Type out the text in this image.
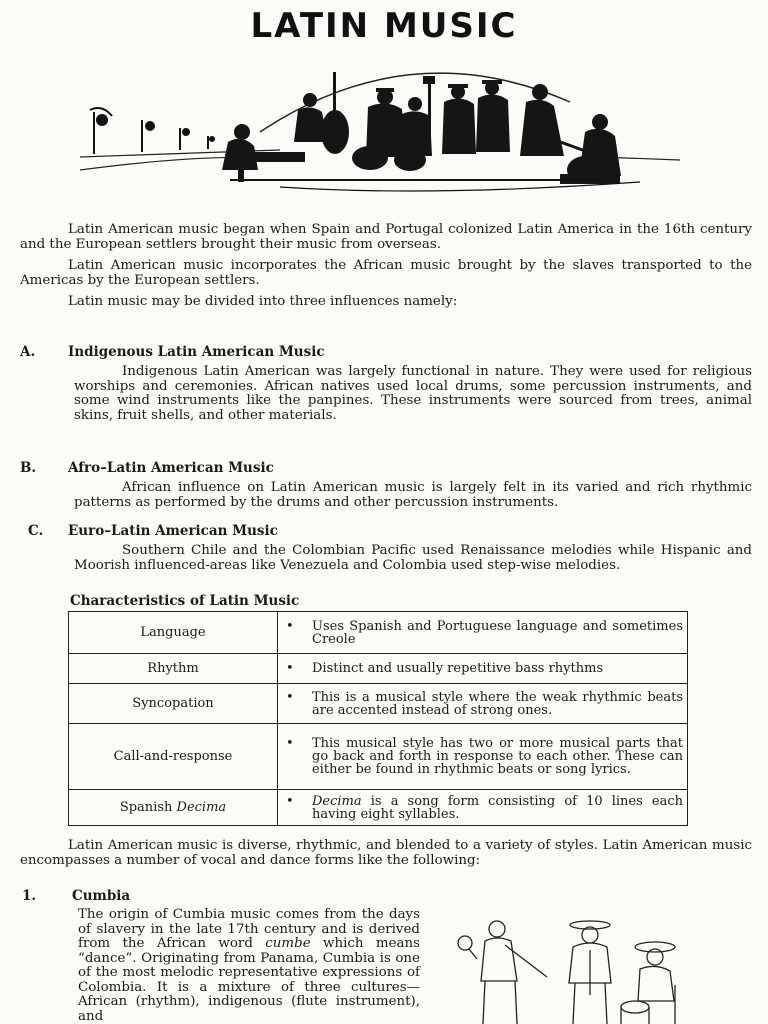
LATIN MUSIC

Latin American music began when Spain and Portugal colonized Latin America in the 16th century and the European settlers brought their music from overseas.

Latin American music incorporates the African music brought by the slaves transported to the Americas by the European settlers.

Latin music may be divided into three influences namely:

A. Indigenous Latin American Music

Indigenous Latin American was largely functional in nature. They were used for religious worships and ceremonies. African natives used local drums, some percussion instruments, and some wind instruments like the panpines. These instruments were sourced from trees, animal skins, fruit shells, and other materials.

B. Afro–Latin American Music

African influence on Latin American music is largely felt in its varied and rich rhythmic patterns as performed by the drums and other percussion instruments.

C. Euro–Latin American Music

Southern Chile and the Colombian Pacific used Renaissance melodies while Hispanic and Moorish influenced-areas like Venezuela and Colombia used step-wise melodies.

Characteristics of Latin Music
Language	• Uses Spanish and Portuguese language and sometimes Creole

Rhythm	• Distinct and usually repetitive bass rhythms

Syncopation	• This is a musical style where the weak rhythmic beats are accented instead of strong ones.

Call-and-response	• This musical style has two or more musical parts that go back and forth in response to each other. These can either be found in rhythmic beats or song lyrics.

Spanish Decima	• Decima is a song form consisting of 10 lines each having eight syllables.

Latin American music is diverse, rhythmic, and blended to a variety of styles. Latin American music encompasses a number of vocal and dance forms like the following:

1.	Cumbia

The origin of Cumbia music comes from the days of slavery in the late 17th century and is derived from the African word cumbe which means “dance”. Originating from Panama, Cumbia is one of the most melodic representative expressions of Colombia. It is a mixture of three cultures—African (rhythm), indigenous (flute instrument), and
